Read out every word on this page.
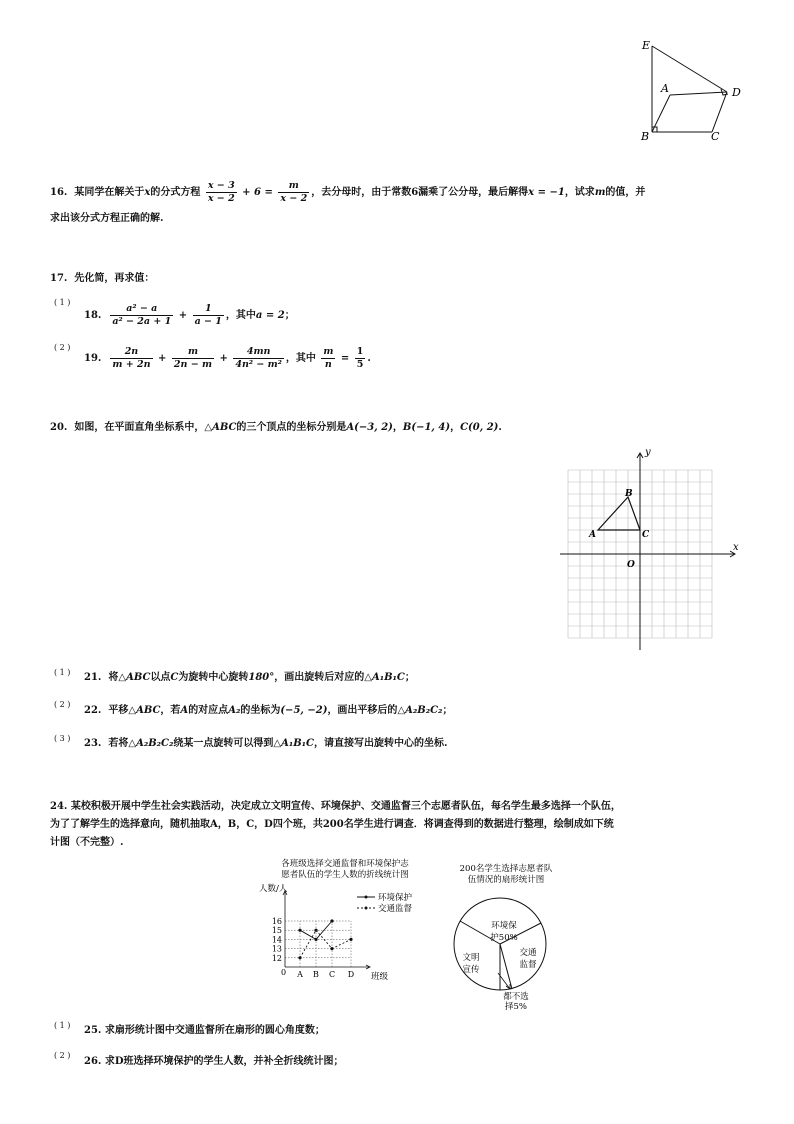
E
A	D
B	C
16. 某同学在解关于x的分式方程 $\frac{x - 3}{x - 2} + 6 = \frac{m}{x - 2}$ ，去分母时，由于常数6漏乘了公分母，最后解得x = −1，试求m的值，并
求出该分式方程正确的解.
17. 先化简，再求值：
( 1 )
18. $\frac{\text{a² − a}}{\text{a² − 2a + 1}} + \frac{1}{a - 1}$ ，其中a = 2；
( 2 )
19. $\frac{2n}{m + 2n} + \frac{m}{2n - m} + \frac{4mn}{\text{4n² − m²}}$ ，其中 $\frac{m}{n} = \frac{1}{5}$ .
20. 如图，在平面直角坐标系中，△ABC的三个顶点的坐标分别是A(−3, 2)，B(−1, 4)，C(0, 2).
x
y
O
A
B
C
( 1 ) 21. 将△ABC以点C为旋转中心旋转180°，画出旋转后对应的△A₁B₁C；
( 2 )
22. 平移△ABC，若A的对应点A₂的坐标为(−5, −2)，画出平移后的△A₂B₂C₂；
( 3 ) 23. 若将△A₂B₂C₂绕某一点旋转可以得到△A₁B₁C，请直接写出旋转中心的坐标.
24. 某校积极开展中学生社会实践活动，决定成立文明宣传、环境保护、交通监督三个志愿者队伍，每名学生最多选择一个队伍，
为了了解学生的选择意向，随机抽取A，B，C，D四个班，共200名学生进行调查．将调查得到的数据进行整理，绘制成如下统
计图（不完整）.
各班级选择交通监督和环境保护志
愿者队伍的学生人数的折线统计图
人数/人
班级
0
12
13
14
15
16
A B C D
环境保护
交通监督
200名学生选择志愿者队
伍情况的扇形统计图
环境保
护50%
交通
监督
文明
宣传
都不选
择5%
( 1 ) 25. 求扇形统计图中交通监督所在扇形的圆心角度数；
( 2 )
26. 求D班选择环境保护的学生人数，并补全折线统计图；
